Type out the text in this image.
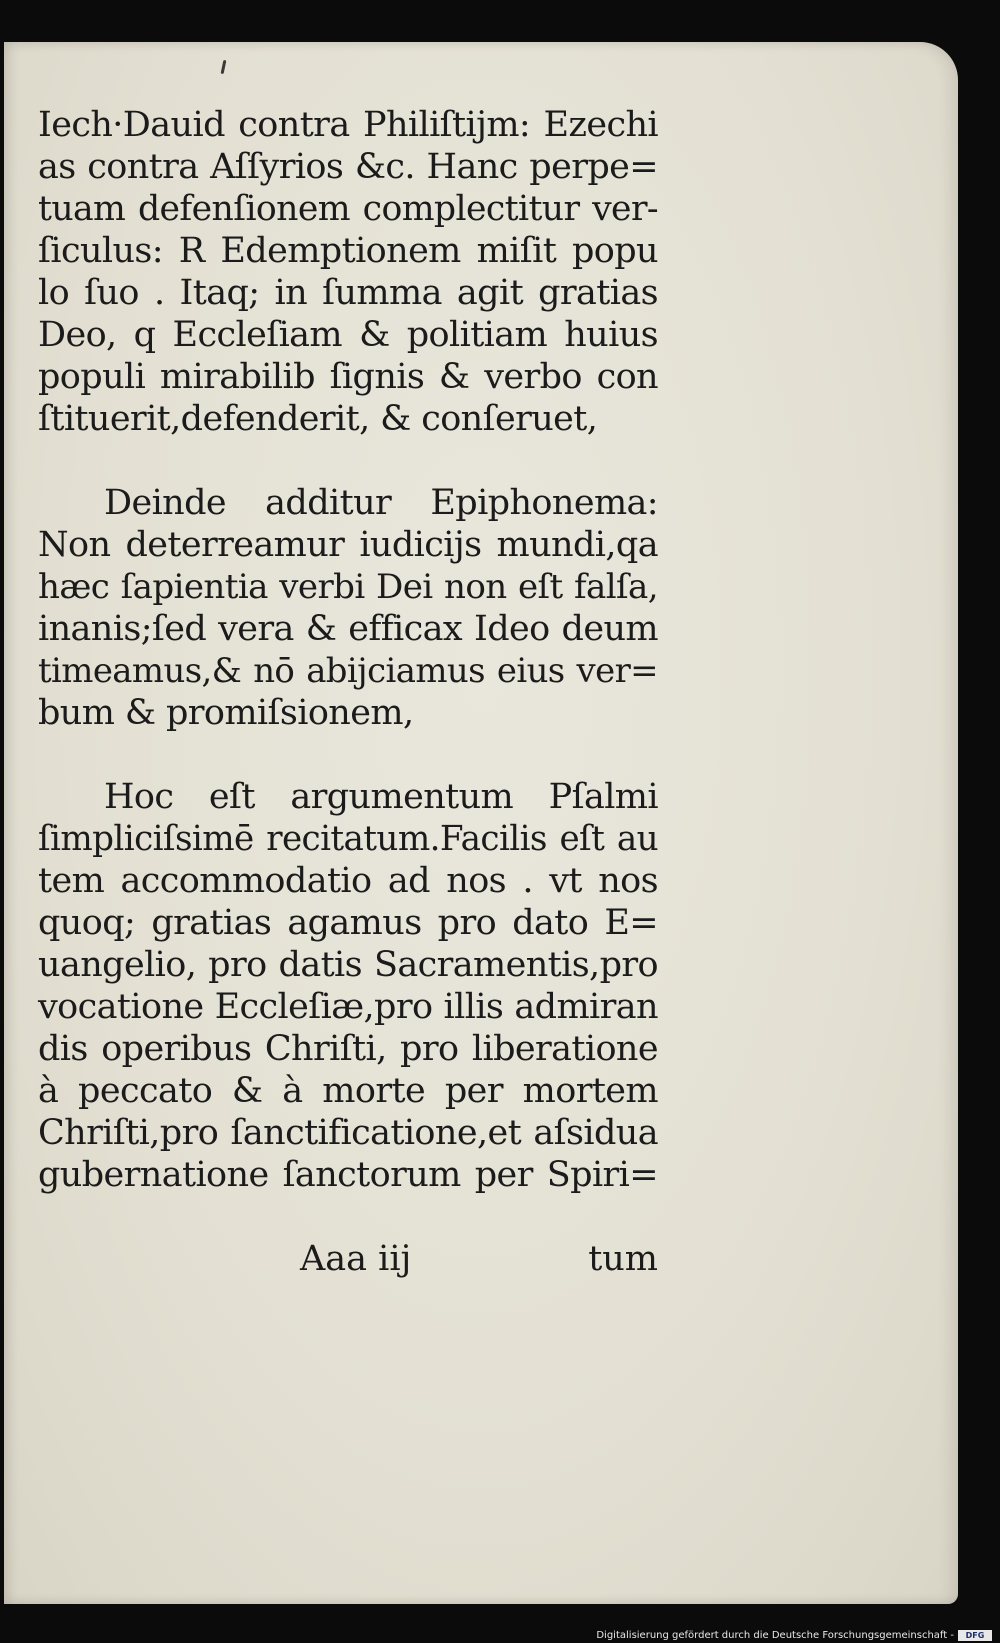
Iech·Dauid contra Philiſtijm: Ezechi
as contra Aſſyrios &c. Hanc perpe=
tuam defenſionem complectitur ver‑
ſiculus: R Edemptionem miſit popu
lo ſuo . Itaq; in ſumma agit gratias
Deo, q Eccleſiam & politiam huius
populi mirabilib ſignis & verbo con
ſtituerit,defenderit, & conſeruet,
Deinde additur Epiphonema:
Non deterreamur iudicijs mundi,qa
hæc ſapientia verbi Dei non eſt falſa,
inanis;ſed vera & efficax Ideo deum
timeamus,& nō abijciamus eius ver=
bum & promiſsionem,
Hoc eſt argumentum Pſalmi
ſimpliciſsimē recitatum.Facilis eſt au
tem accommodatio ad nos . vt nos
quoq; gratias agamus pro dato E=
uangelio, pro datis Sacramentis,pro
vocatione Eccleſiæ,pro illis admiran
dis operibus Chriſti, pro liberatione
à peccato & à morte per mortem
Chriſti,pro ſanctificatione,et aſsidua
gubernatione ſanctorum per Spiri=
Aaa iij	tum
Digitalisierung gefördert durch die Deutsche Forschungsgemeinschaft -	DFG
